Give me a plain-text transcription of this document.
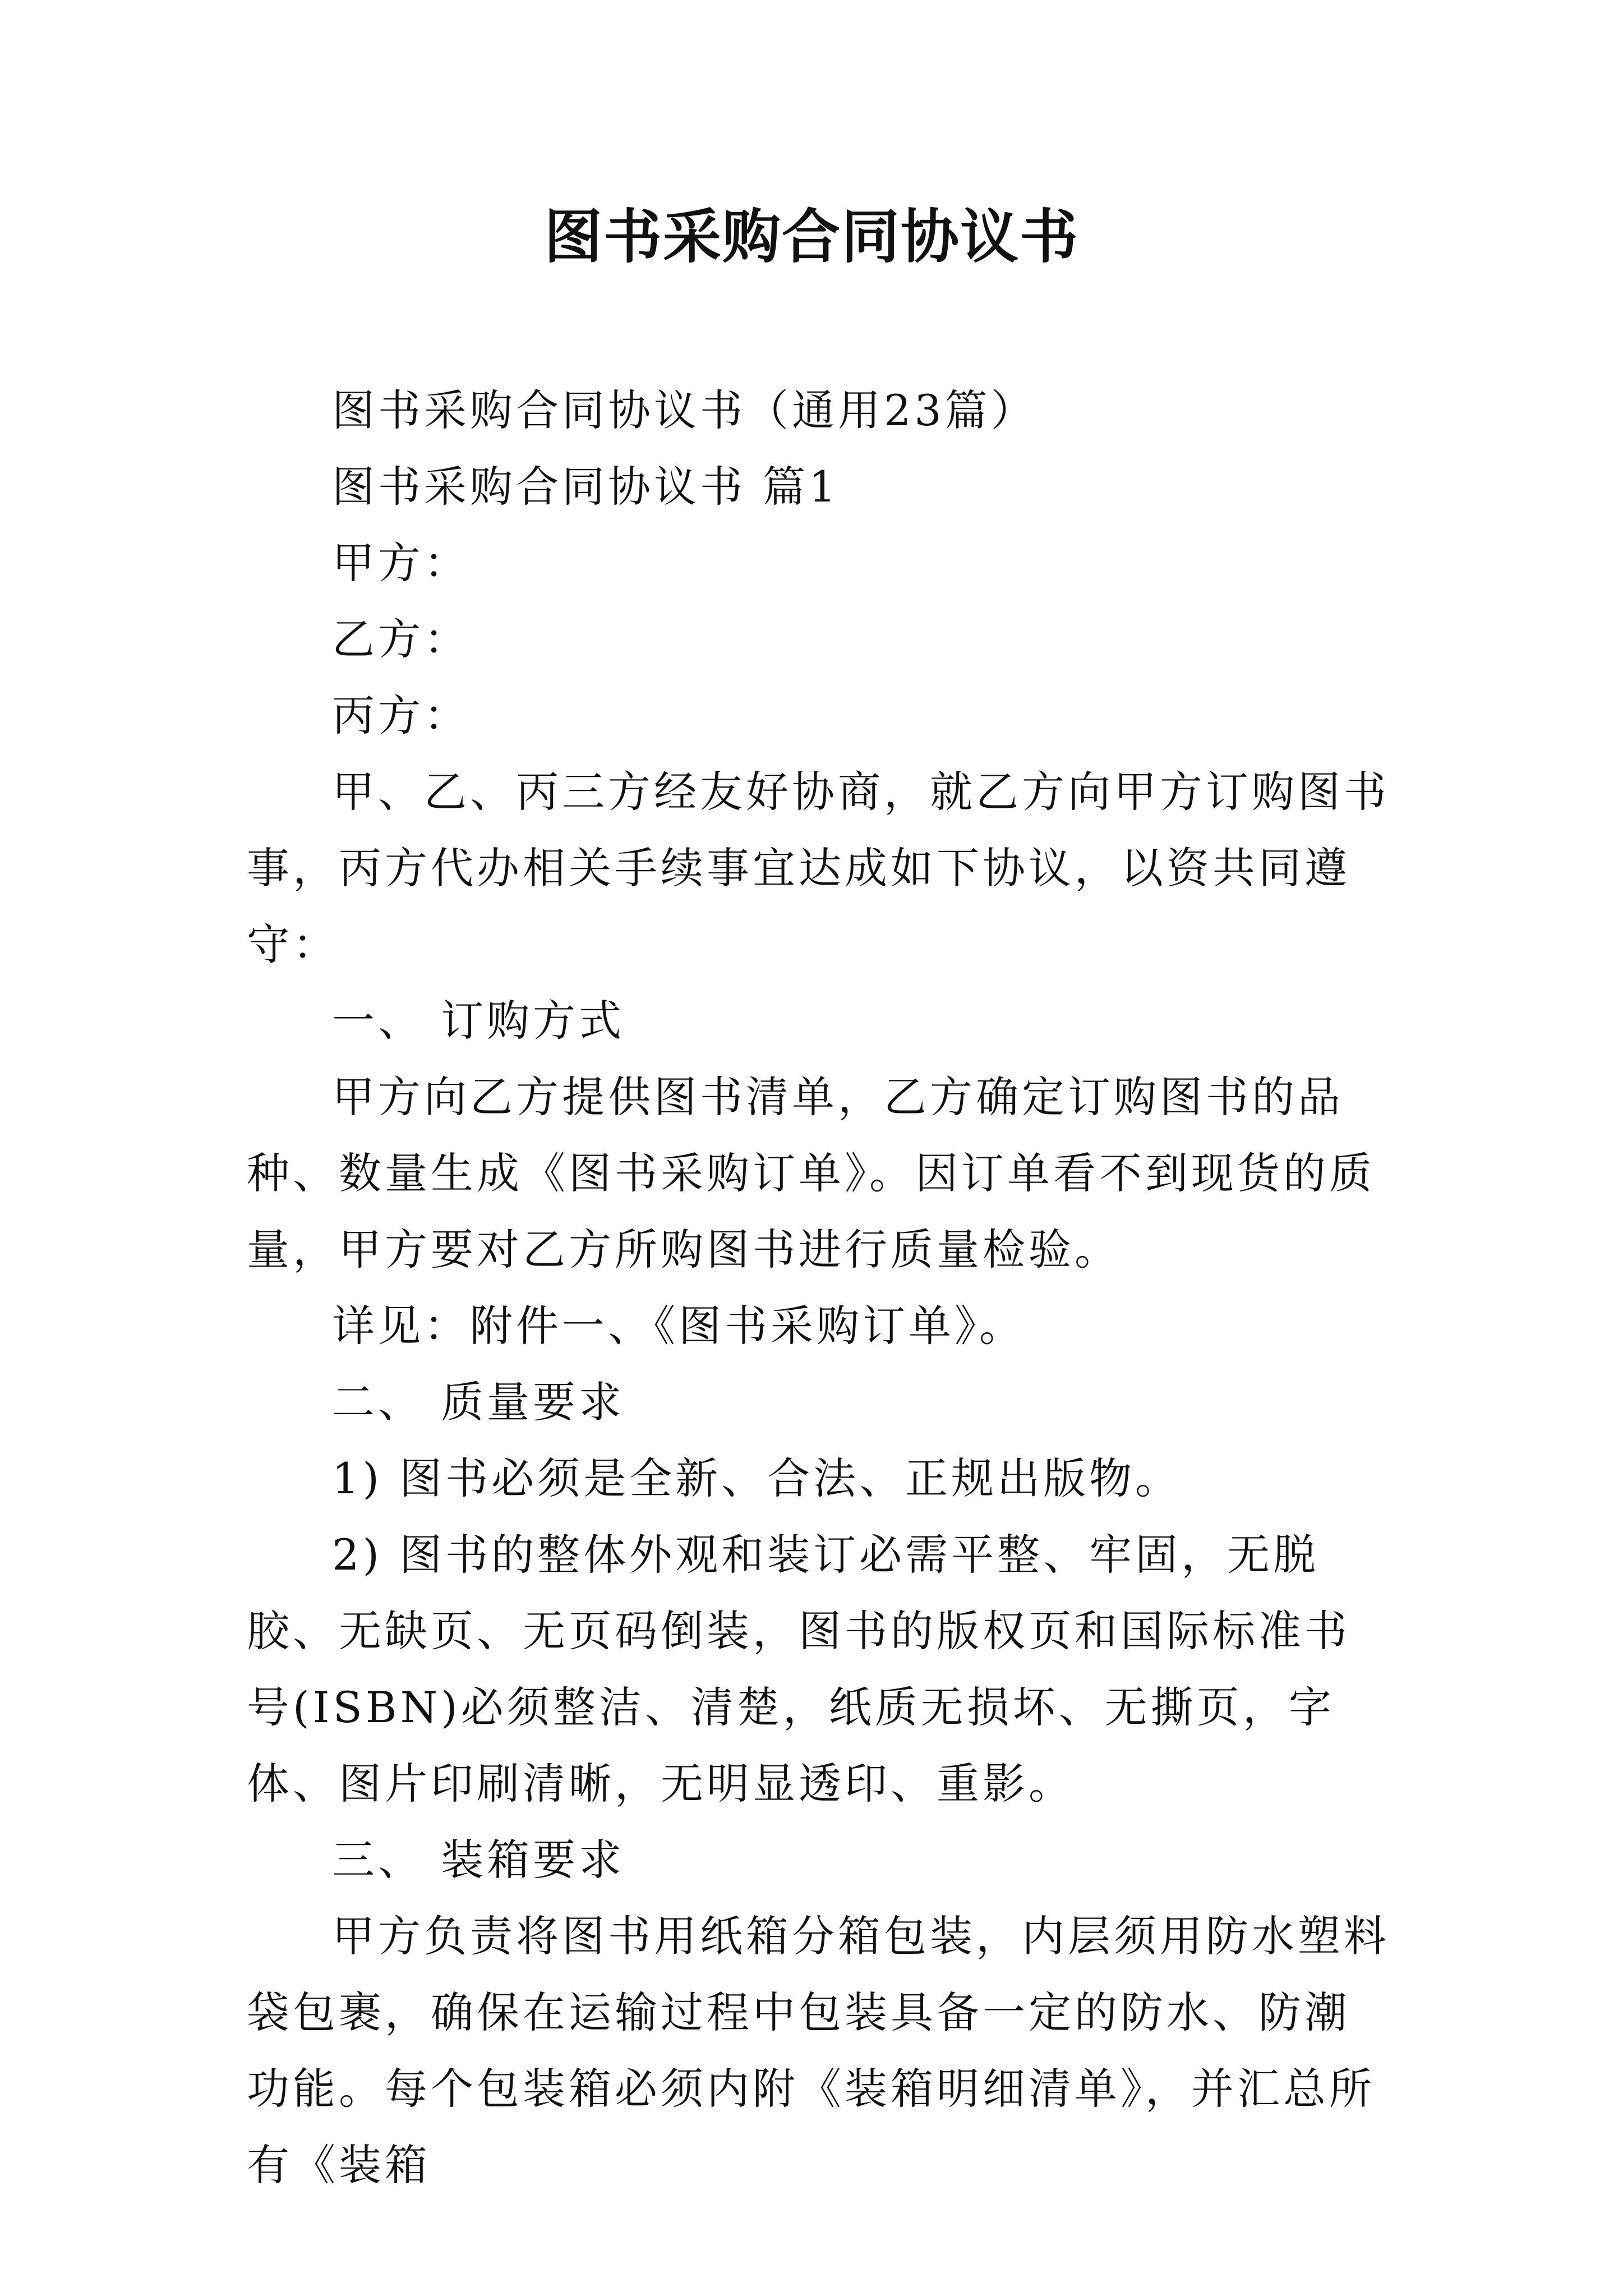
图书采购合同协议书

图书采购合同协议书（通用23篇）

图书采购合同协议书 篇1

甲方：

乙方：

丙方：

甲、乙、丙三方经友好协商，就乙方向甲方订购图书事，丙方代办相关手续事宜达成如下协议，以资共同遵守：

一、 订购方式

甲方向乙方提供图书清单，乙方确定订购图书的品种、数量生成《图书采购订单》。因订单看不到现货的质量，甲方要对乙方所购图书进行质量检验。

详见：附件一、《图书采购订单》。

二、 质量要求

1) 图书必须是全新、合法、正规出版物。

2) 图书的整体外观和装订必需平整、牢固，无脱胶、无缺页、无页码倒装，图书的版权页和国际标准书号(ISBN)必须整洁、清楚，纸质无损坏、无撕页，字体、图片印刷清晰，无明显透印、重影。

三、 装箱要求

甲方负责将图书用纸箱分箱包装，内层须用防水塑料袋包裹，确保在运输过程中包装具备一定的防水、防潮功能。每个包装箱必须内附《装箱明细清单》，并汇总所有《装箱
